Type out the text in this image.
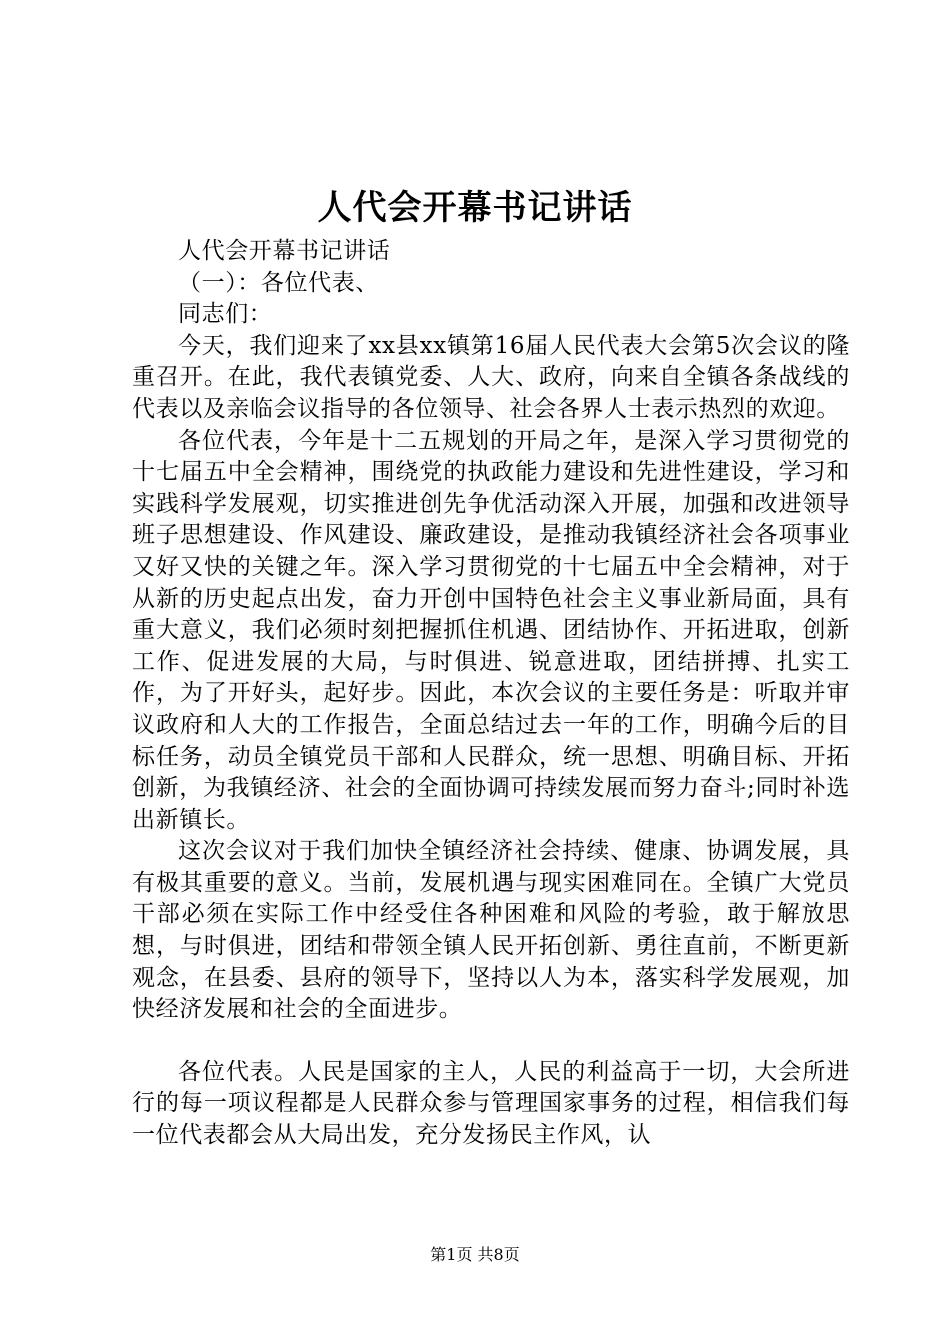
人代会开幕书记讲话

人代会开幕书记讲话

（一）：各位代表、

同志们：

今天，我们迎来了xx县xx镇第16届人民代表大会第5次会议的隆重召开。在此，我代表镇党委、人大、政府，向来自全镇各条战线的代表以及亲临会议指导的各位领导、社会各界人士表示热烈的欢迎。

各位代表，今年是十二五规划的开局之年，是深入学习贯彻党的十七届五中全会精神，围绕党的执政能力建设和先进性建设，学习和实践科学发展观，切实推进创先争优活动深入开展，加强和改进领导班子思想建设、作风建设、廉政建设，是推动我镇经济社会各项事业又好又快的关键之年。深入学习贯彻党的十七届五中全会精神，对于从新的历史起点出发，奋力开创中国特色社会主义事业新局面，具有重大意义，我们必须时刻把握抓住机遇、团结协作、开拓进取，创新工作、促进发展的大局，与时俱进、锐意进取，团结拼搏、扎实工作，为了开好头，起好步。因此，本次会议的主要任务是：听取并审议政府和人大的工作报告，全面总结过去一年的工作，明确今后的目标任务，动员全镇党员干部和人民群众，统一思想、明确目标、开拓创新，为我镇经济、社会的全面协调可持续发展而努力奋斗;同时补选出新镇长。

这次会议对于我们加快全镇经济社会持续、健康、协调发展，具有极其重要的意义。当前，发展机遇与现实困难同在。全镇广大党员干部必须在实际工作中经受住各种困难和风险的考验，敢于解放思想，与时俱进，团结和带领全镇人民开拓创新、勇往直前，不断更新观念，在县委、县府的领导下，坚持以人为本，落实科学发展观，加快经济发展和社会的全面进步。

各位代表。人民是国家的主人，人民的利益高于一切，大会所进行的每一项议程都是人民群众参与管理国家事务的过程，相信我们每一位代表都会从大局出发，充分发扬民主作风，认

第1页 共8页
